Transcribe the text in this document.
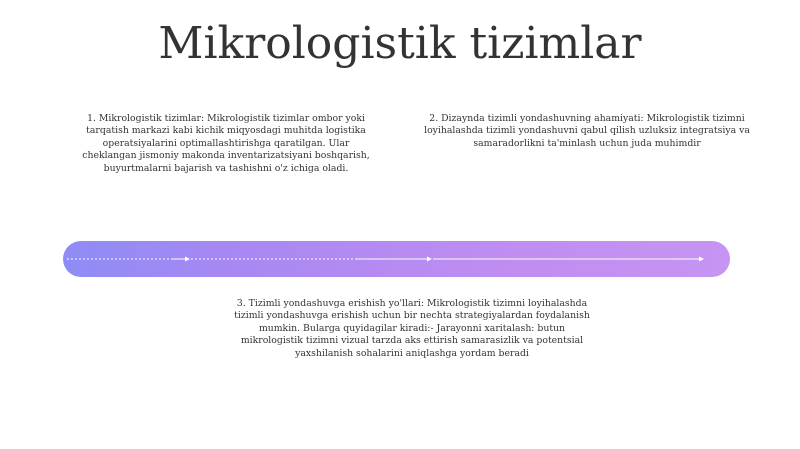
Mikrologistik tizimlar
1. Mikrologistik tizimlar: Mikrologistik tizimlar ombor yoki tarqatish markazi kabi kichik miqyosdagi muhitda logistika operatsiyalarini optimallashtirishga qaratilgan. Ular cheklangan jismoniy makonda inventarizatsiyani boshqarish, buyurtmalarni bajarish va tashishni o'z ichiga oladi.
2. Dizaynda tizimli yondashuvning ahamiyati: Mikrologistik tizimni loyihalashda tizimli yondashuvni qabul qilish uzluksiz integratsiya va samaradorlikni ta'minlash uchun juda muhimdir
3. Tizimli yondashuvga erishish yo'llari: Mikrologistik tizimni loyihalashda tizimli yondashuvga erishish uchun bir nechta strategiyalardan foydalanish mumkin. Bularga quyidagilar kiradi:- Jarayonni xaritalash: butun mikrologistik tizimni vizual tarzda aks ettirish samarasizlik va potentsial yaxshilanish sohalarini aniqlashga yordam beradi
